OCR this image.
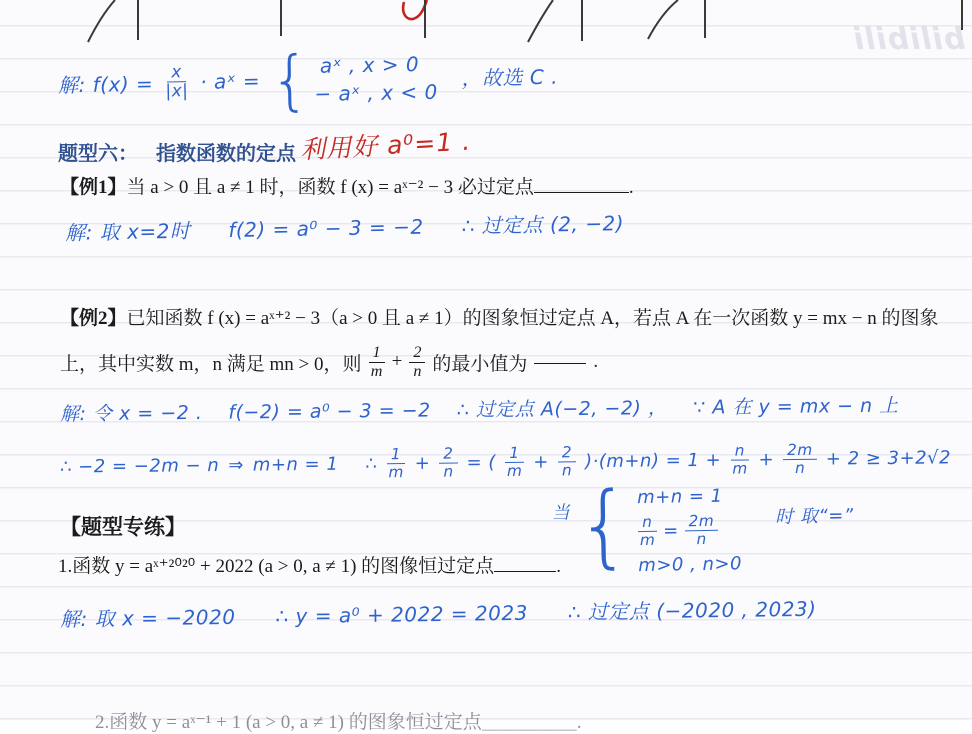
bilibili
解: $f(x) = \frac{x}{|x|}$ · aˣ = { aˣ , x > 0
− aˣ , x < 0
，故选 C .
题型六： 指数函数的定点 利用好 a⁰=1 .
【例1】 当 a > 0 且 a ≠ 1 时，函数 f (x) = aˣ⁻² − 3 必过定点	.
解: 取 x=2时 f(2) = a⁰ − 3 = −2 ∴ 过定点 (2, −2)
【例2】 已知函数 f (x) = aˣ⁺² − 3（a > 0 且 a ≠ 1）的图象恒过定点 A，若点 A 在一次函数 y = mx − n 的图象
上，其中实数 m，n 满足 mn > 0，则 $\frac{1}{m} + \frac{2}{n}$ 的最小值为	.
解: 令 x = −2 . f(−2) = a⁰ − 3 = −2 ∴ 过定点 A(−2, −2) ， ∵ A 在 y = mx − n 上
∴ −2 = −2m − n ⇒ m+n = 1 ∴ $\frac{1}{m} + \frac{2}{n}$ = ( $\frac{1}{m} + \frac{2}{n} )\cdot(m+n) = 1 + \frac{n}{m} + \frac{2m}{n} + 2 \ge 3+2√2$
当 { m+n = 1
$\frac{n}{m} = \frac{2m}{n}$
m>0 , n>0
时 取“=”
【题型专练】
1.函数 y = aˣ⁺²⁰²⁰ + 2022 (a > 0, a ≠ 1) 的图像恒过定点	.
解: 取 x = −2020 ∴ y = a⁰ + 2022 = 2023 ∴ 过定点 (−2020 , 2023)
2.函数 y = aˣ⁻¹ + 1 (a > 0, a ≠ 1) 的图象恒过定点＿＿＿＿＿.
